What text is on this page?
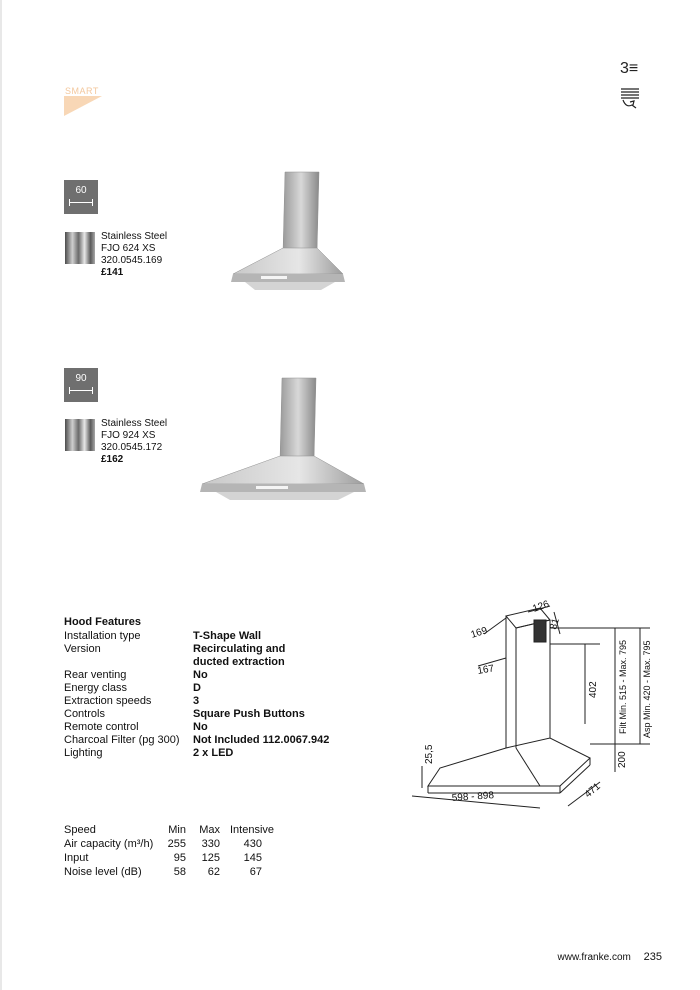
SMART
3≡
60
Stainless Steel
FJO 624 XS
320.0545.169
£141
90
Stainless Steel
FJO 924 XS
320.0545.172
£162
Hood Features
Installation type	T-Shape Wall
Version	Recirculating and ducted extraction
Rear venting	No
Energy class	D
Extraction speeds	3
Controls	Square Push Buttons
Remote control	No
Charcoal Filter (pg 300)	Not Included 112.0067.942
Lighting	2 x LED
Speed	Min	Max	Intensive
Air capacity (m³/h)	255	330	430
Input	95	125	145
Noise level (dB)	58	62	67
169
126
81
167
402 Filt Min. 515 - Max. 795 Asp Min. 420 - Max. 795
25,5	200
598 - 898	471
www.franke.com 235
